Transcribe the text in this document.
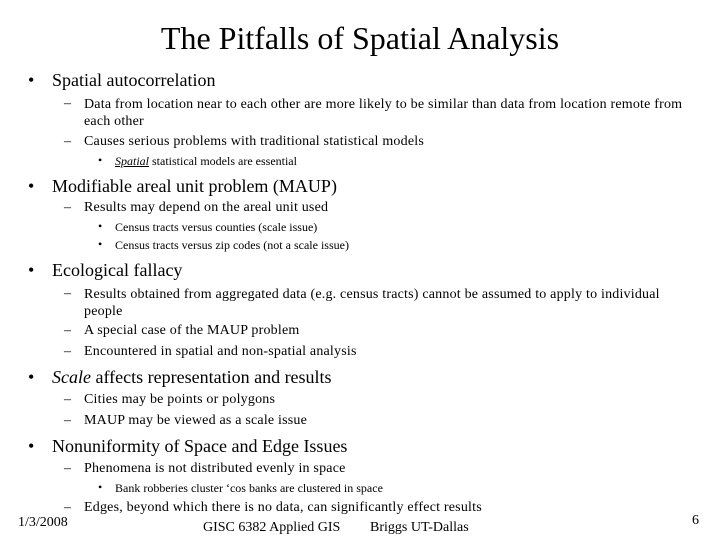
The Pitfalls of Spatial Analysis
• Spatial autocorrelation
– Data from location near to each other are more likely to be similar than data from location remote from each other
– Causes serious problems with traditional statistical models
• Spatial statistical models are essential
• Modifiable areal unit problem (MAUP)
– Results may depend on the areal unit used
• Census tracts versus counties (scale issue)
• Census tracts versus zip codes (not a scale issue)
• Ecological fallacy
– Results obtained from aggregated data (e.g. census tracts) cannot be assumed to apply to individual people
– A special case of the MAUP problem
– Encountered in spatial and non-spatial analysis
• Scale affects representation and results
– Cities may be points or polygons
– MAUP may be viewed as a scale issue
• Nonuniformity of Space and Edge Issues
– Phenomena is not distributed evenly in space
• Bank robberies cluster ‘cos banks are clustered in space
– Edges, beyond which there is no data, can significantly effect results
1/3/2008	GISC 6382 Applied GIS Briggs UT-Dallas	6
